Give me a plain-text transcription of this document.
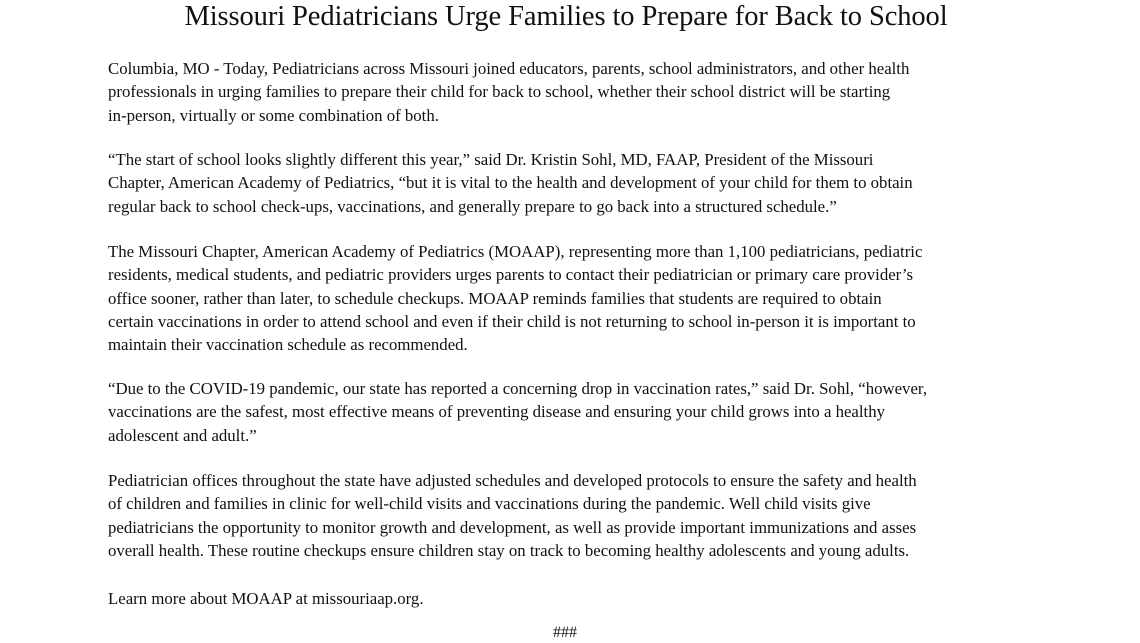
Missouri Pediatricians Urge Families to Prepare for Back to School

Columbia, MO - Today, Pediatricians across Missouri joined educators, parents, school administrators, and other health
professionals in urging families to prepare their child for back to school, whether their school district will be starting
in-person, virtually or some combination of both.

“The start of school looks slightly different this year,” said Dr. Kristin Sohl, MD, FAAP, President of the Missouri
Chapter, American Academy of Pediatrics, “but it is vital to the health and development of your child for them to obtain
regular back to school check-ups, vaccinations, and generally prepare to go back into a structured schedule.”

The Missouri Chapter, American Academy of Pediatrics (MOAAP), representing more than 1,100 pediatricians, pediatric
residents, medical students, and pediatric providers urges parents to contact their pediatrician or primary care provider’s
office sooner, rather than later, to schedule checkups. MOAAP reminds families that students are required to obtain
certain vaccinations in order to attend school and even if their child is not returning to school in-person it is important to
maintain their vaccination schedule as recommended.

“Due to the COVID-19 pandemic, our state has reported a concerning drop in vaccination rates,” said Dr. Sohl, “however,
vaccinations are the safest, most effective means of preventing disease and ensuring your child grows into a healthy
adolescent and adult.”

Pediatrician offices throughout the state have adjusted schedules and developed protocols to ensure the safety and health
of children and families in clinic for well-child visits and vaccinations during the pandemic. Well child visits give
pediatricians the opportunity to monitor growth and development, as well as provide important immunizations and asses
overall health. These routine checkups ensure children stay on track to becoming healthy adolescents and young adults.

Learn more about MOAAP at missouriaap.org.

###
